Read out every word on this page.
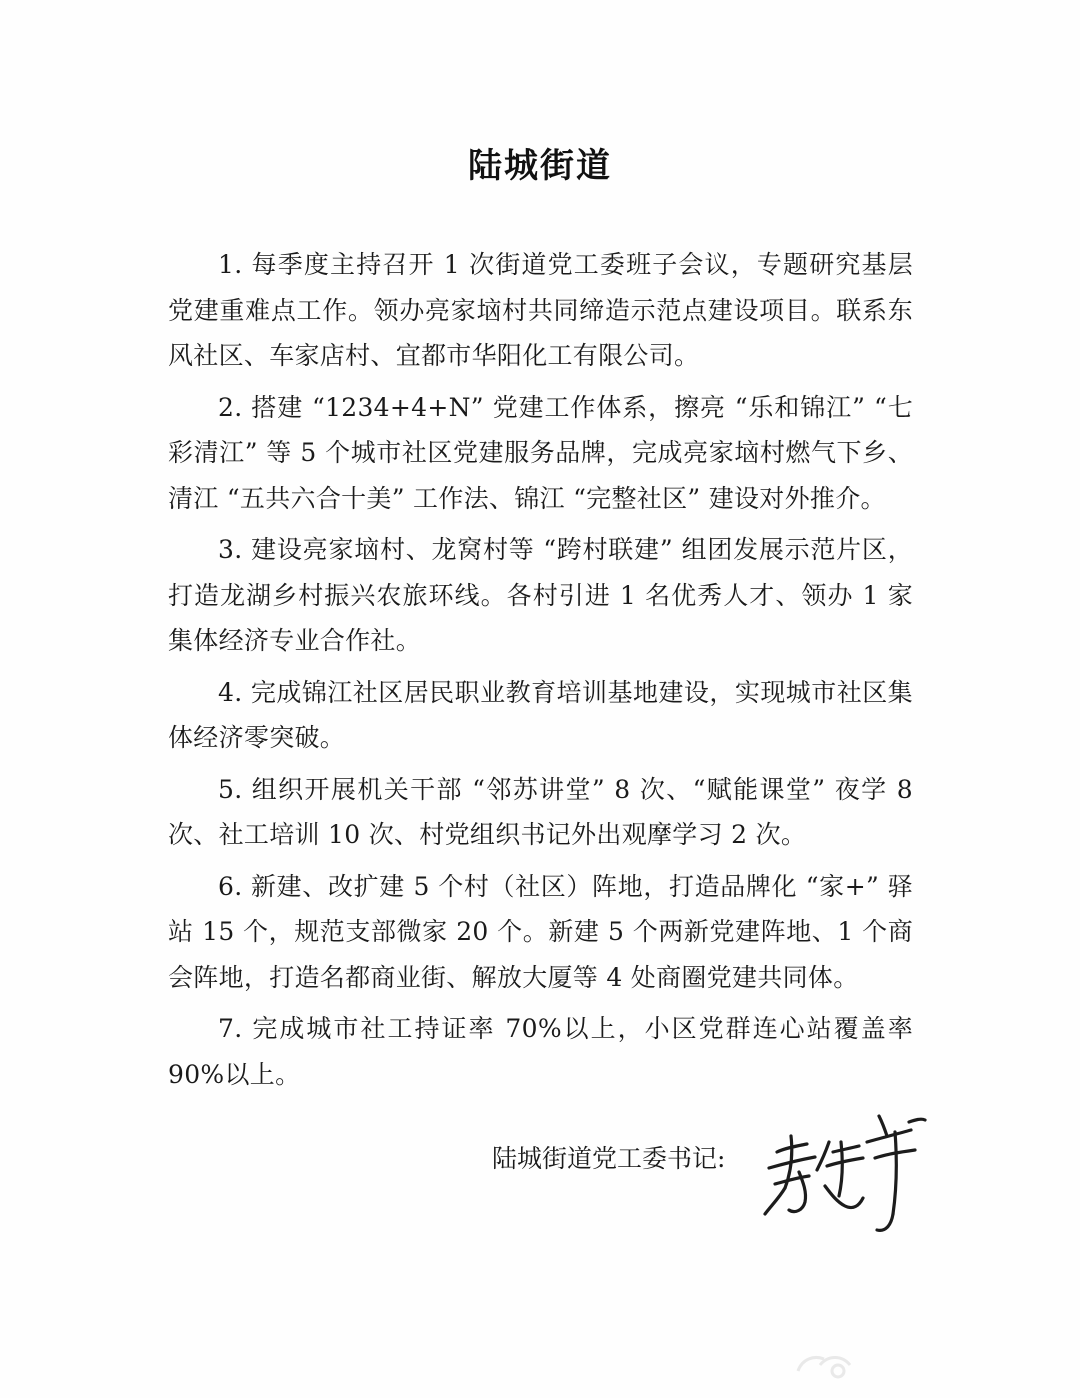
陆城街道

1. 每季度主持召开 1 次街道党工委班子会议，专题研究基层党建重难点工作。领办亮家垴村共同缔造示范点建设项目。联系东风社区、车家店村、宜都市华阳化工有限公司。

2. 搭建 “1234+4+N” 党建工作体系，擦亮 “乐和锦江” “七彩清江” 等 5 个城市社区党建服务品牌，完成亮家垴村燃气下乡、清江 “五共六合十美” 工作法、锦江 “完整社区” 建设对外推介。

3. 建设亮家垴村、龙窝村等 “跨村联建” 组团发展示范片区，打造龙湖乡村振兴农旅环线。各村引进 1 名优秀人才、领办 1 家集体经济专业合作社。

4. 完成锦江社区居民职业教育培训基地建设，实现城市社区集体经济零突破。

5. 组织开展机关干部 “邻苏讲堂” 8 次、“赋能课堂” 夜学 8 次、社工培训 10 次、村党组织书记外出观摩学习 2 次。

6. 新建、改扩建 5 个村（社区）阵地，打造品牌化 “家+” 驿站 15 个，规范支部微家 20 个。新建 5 个两新党建阵地、1 个商会阵地，打造名都商业街、解放大厦等 4 处商圈党建共同体。

7. 完成城市社工持证率 70%以上，小区党群连心站覆盖率 90%以上。

陆城街道党工委书记:
